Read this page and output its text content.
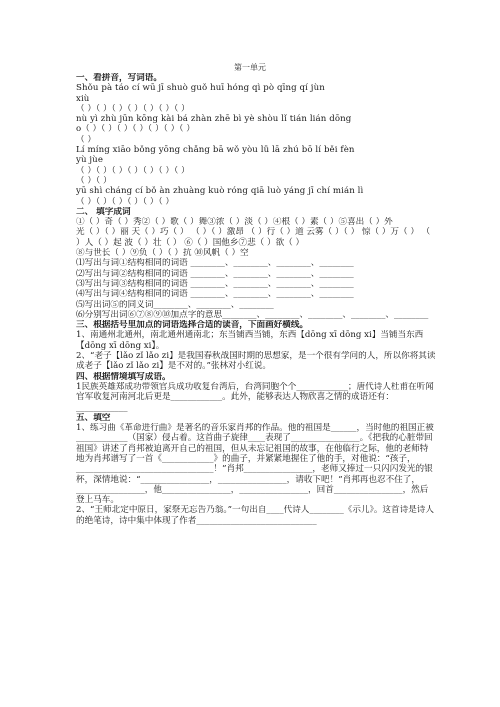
第一单元
一、看拼音，写词语。
Shǒu pà táo cí wū jī shuò guǒ huī hóng qì pò qīng qí jùn
xiù
（ ）（ ）（ ）（ ）（ ）（ ）（ ）
nù yì zhù jūn kōng kài bá zhàn zhē bì yè shòu lǐ tián lián dōng
o（ ）（ ）（ ）（ ）（ ）（ ）（ ）
（ ）
Lí míng xiāo bǒng yōng chǎng bā wǒ yòu lǚ lā zhú bō lí běi fèn
yù jùe
（ ）（ ）（ ）（ ）（ ）（ ）（ ）
（ ）（ ）
yū shì cháng cí bǒ àn zhuàng kuò róng qiā luò yáng jī chí mián lì
（ ）（ ）（ ）（ ）（ ）（ ）
二、 填字成词
①（ ）奇（ ）秀②（ ）歌（ ）舞③浓（ ）淡（ ）④根（ ）素（ ）⑤喜出（ ）外
光（ ）（ ）丽 天（ ）巧（ ） （ ）（ ）激昂 （ ）行（ ）道 云雾（ ）（ ） 惊（ ）万（ ） （ ）人（ ）起 波（ ）壮（ ） ⑥（ ）国他乡⑦悲（ ）欲（ ）
⑧与世长（ ）⑨负（ ）（ ）抗 ⑩风帆（ ）空
⑴写出与词①结构相同的词语 ________、________、________、________
⑵写出与词②结构相同的词语 ________、________、________、________
⑶写出与词③结构相同的词语 ________、________、________、________
⑷写出与词④结构相同的词语 ________、________、________、________
⑸写出词⑤的同义词________、________、________
⑹分别写出词⑥⑦⑧⑨⑩加点字的意思________、________、________、________、________
三、根据括号里加点的词语选择合适的读音，下面画好横线。
1、南通州北通州，南北通州通南北；东当铺西当铺，东西【dōng xī dōng xi】当铺当东西【dōng xī dōng xi】。
2、“老子【lǎo zǐ lǎo zi】是我国春秋战国时期的思想家，是一个很有学问的人，所以你将其读成老子【lǎo zǐ lǎo zi】是不对的。”张林对小红说。
四、根据情境填写成语。
1民族英雄郑成功带领官兵成功收复台湾后，台湾同胞个个____________；唐代诗人杜甫在听闻官军收复河南河北后更是____________。此外，能够表达人物欣喜之情的成语还有：____________
五、填空
1、练习曲《革命进行曲》是著名的音乐家肖邦的作品。他的祖国是______，当时他的祖国正被____________（国家）侵占着。这首曲子旋律____表现了________________。《把我的心脏带回祖国》讲述了肖邦被迫离开自己的祖国，但从未忘记祖国的故事，在他临行之际，他的老师特地为肖邦谱写了一首《____________》的曲子，并紧紧地握住了他的手，对他说：“孩子，________________________________！”肖邦________________，老师又捧过一只闪闪发光的银杯，深情地说：“________________，________________，请收下吧！”肖邦再也忍不住了，________________，他________________，________________，回首________________，然后登上马车。
2、“王师北定中原日，家祭无忘告乃翁。”一句出自____代诗人________《示儿》。这首诗是诗人的绝笔诗，诗中集中体现了作者____________________________
